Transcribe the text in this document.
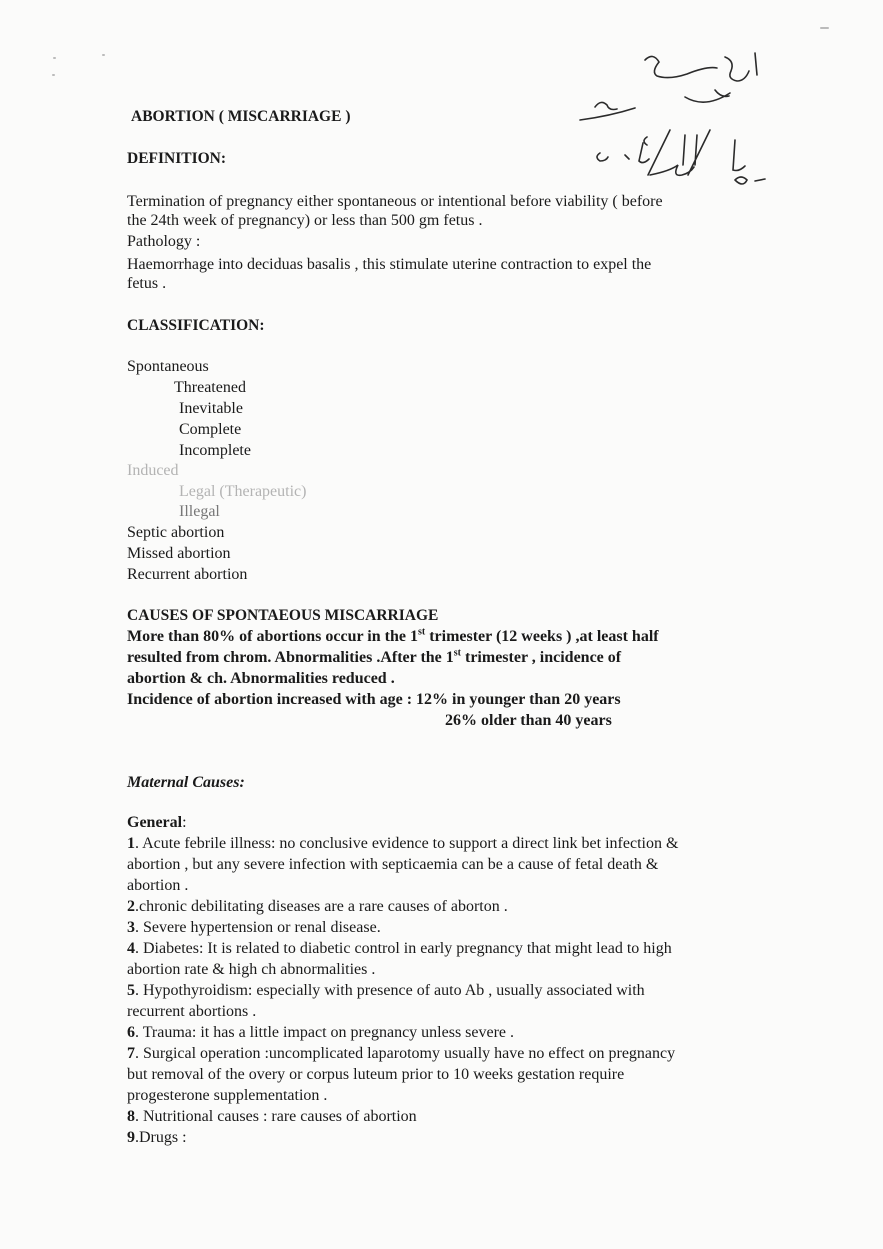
ABORTION ( MISCARRIAGE )
DEFINITION:
Termination of pregnancy either spontaneous or intentional before viability ( before
the 24th week of pregnancy) or less than 500 gm fetus .
Pathology :
Haemorrhage into deciduas basalis , this stimulate uterine contraction to expel the
fetus .
CLASSIFICATION:
Spontaneous
Threatened
Inevitable
Complete
Incomplete
Induced
Legal (Therapeutic)
Illegal
Septic abortion
Missed abortion
Recurrent abortion
CAUSES OF SPONTAEOUS MISCARRIAGE
More than 80% of abortions occur in the 1st trimester (12 weeks ) ,at least half
resulted from chrom. Abnormalities .After the 1st trimester , incidence of
abortion & ch. Abnormalities reduced .
Incidence of abortion increased with age : 12% in younger than 20 years
26% older than 40 years
Maternal Causes:
General:
1. Acute febrile illness: no conclusive evidence to support a direct link bet infection &
abortion , but any severe infection with septicaemia can be a cause of fetal death &
abortion .
2.chronic debilitating diseases are a rare causes of aborton .
3. Severe hypertension or renal disease.
4. Diabetes: It is related to diabetic control in early pregnancy that might lead to high
abortion rate & high ch abnormalities .
5. Hypothyroidism: especially with presence of auto Ab , usually associated with
recurrent abortions .
6. Trauma: it has a little impact on pregnancy unless severe .
7. Surgical operation :uncomplicated laparotomy usually have no effect on pregnancy
but removal of the overy or corpus luteum prior to 10 weeks gestation require
progesterone supplementation .
8. Nutritional causes : rare causes of abortion
9.Drugs :
